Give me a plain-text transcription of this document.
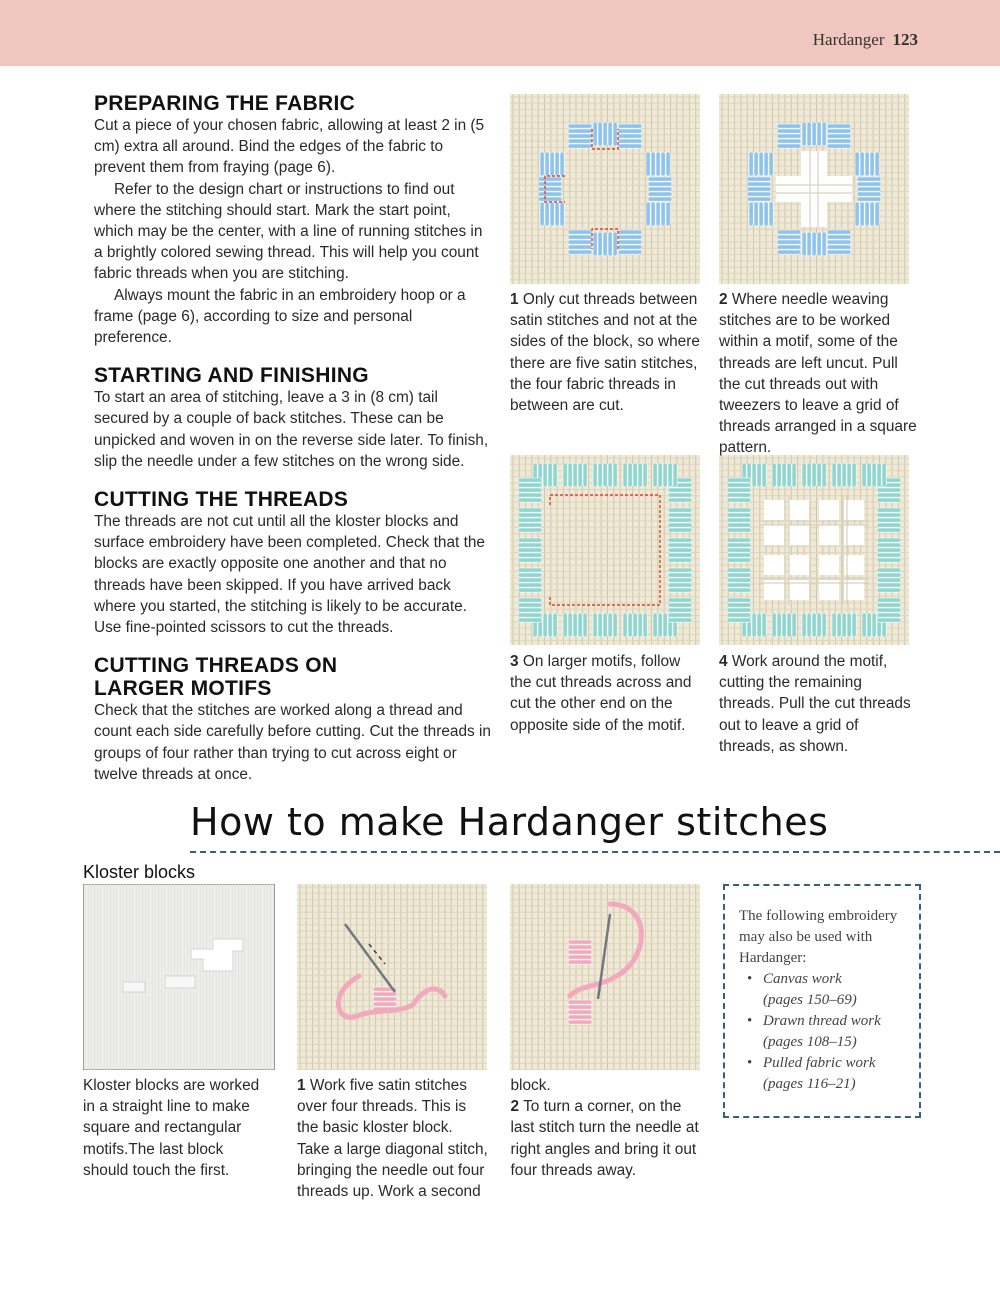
Hardanger 123
PREPARING THE FABRIC

Cut a piece of your chosen fabric, allowing at least 2 in (5 cm) extra all around. Bind the edges of the fabric to prevent them from fraying (page 6).

Refer to the design chart or instructions to find out where the stitching should start. Mark the start point, which may be the center, with a line of running stitches in a brightly colored sewing thread. This will help you count fabric threads when you are stitching.

Always mount the fabric in an embroidery hoop or a frame (page 6), according to size and personal preference.

STARTING AND FINISHING

To start an area of stitching, leave a 3 in (8 cm) tail secured by a couple of back stitches. These can be unpicked and woven in on the reverse side later. To finish, slip the needle under a few stitches on the wrong side.

CUTTING THE THREADS

The threads are not cut until all the kloster blocks and surface embroidery have been completed. Check that the blocks are exactly opposite one another and that no threads have been skipped. If you have arrived back where you started, the stitching is likely to be accurate. Use fine-pointed scissors to cut the threads.

CUTTING THREADS ON LARGER MOTIFS

Check that the stitches are worked along a thread and count each side carefully before cutting. Cut the threads in groups of four rather than trying to cut across eight or twelve threads at once.

1 Only cut threads between satin stitches and not at the sides of the block, so where there are five satin stitches, the four fabric threads in between are cut.
2 Where needle weaving stitches are to be worked within a motif, some of the threads are left uncut. Pull the cut threads out with tweezers to leave a grid of threads arranged in a square pattern.
3 On larger motifs, follow the cut threads across and cut the other end on the opposite side of the motif.
4 Work around the motif, cutting the remaining threads. Pull the cut threads out to leave a grid of threads, as shown.
How to make Hardanger stitches
Kloster blocks
Kloster blocks are worked in a straight line to make square and rectangular motifs.The last block should touch the first.
1 Work five satin stitches over four threads. This is the basic kloster block. Take a large diagonal stitch, bringing the needle out four threads up. Work a second block.
2 To turn a corner, on the last stitch turn the needle at right angles and bring it out four threads away.
The following embroidery may also be used with Hardanger:
• Canvas work
(pages 150–69)
• Drawn thread work
(pages 108–15)
• Pulled fabric work
(pages 116–21)
